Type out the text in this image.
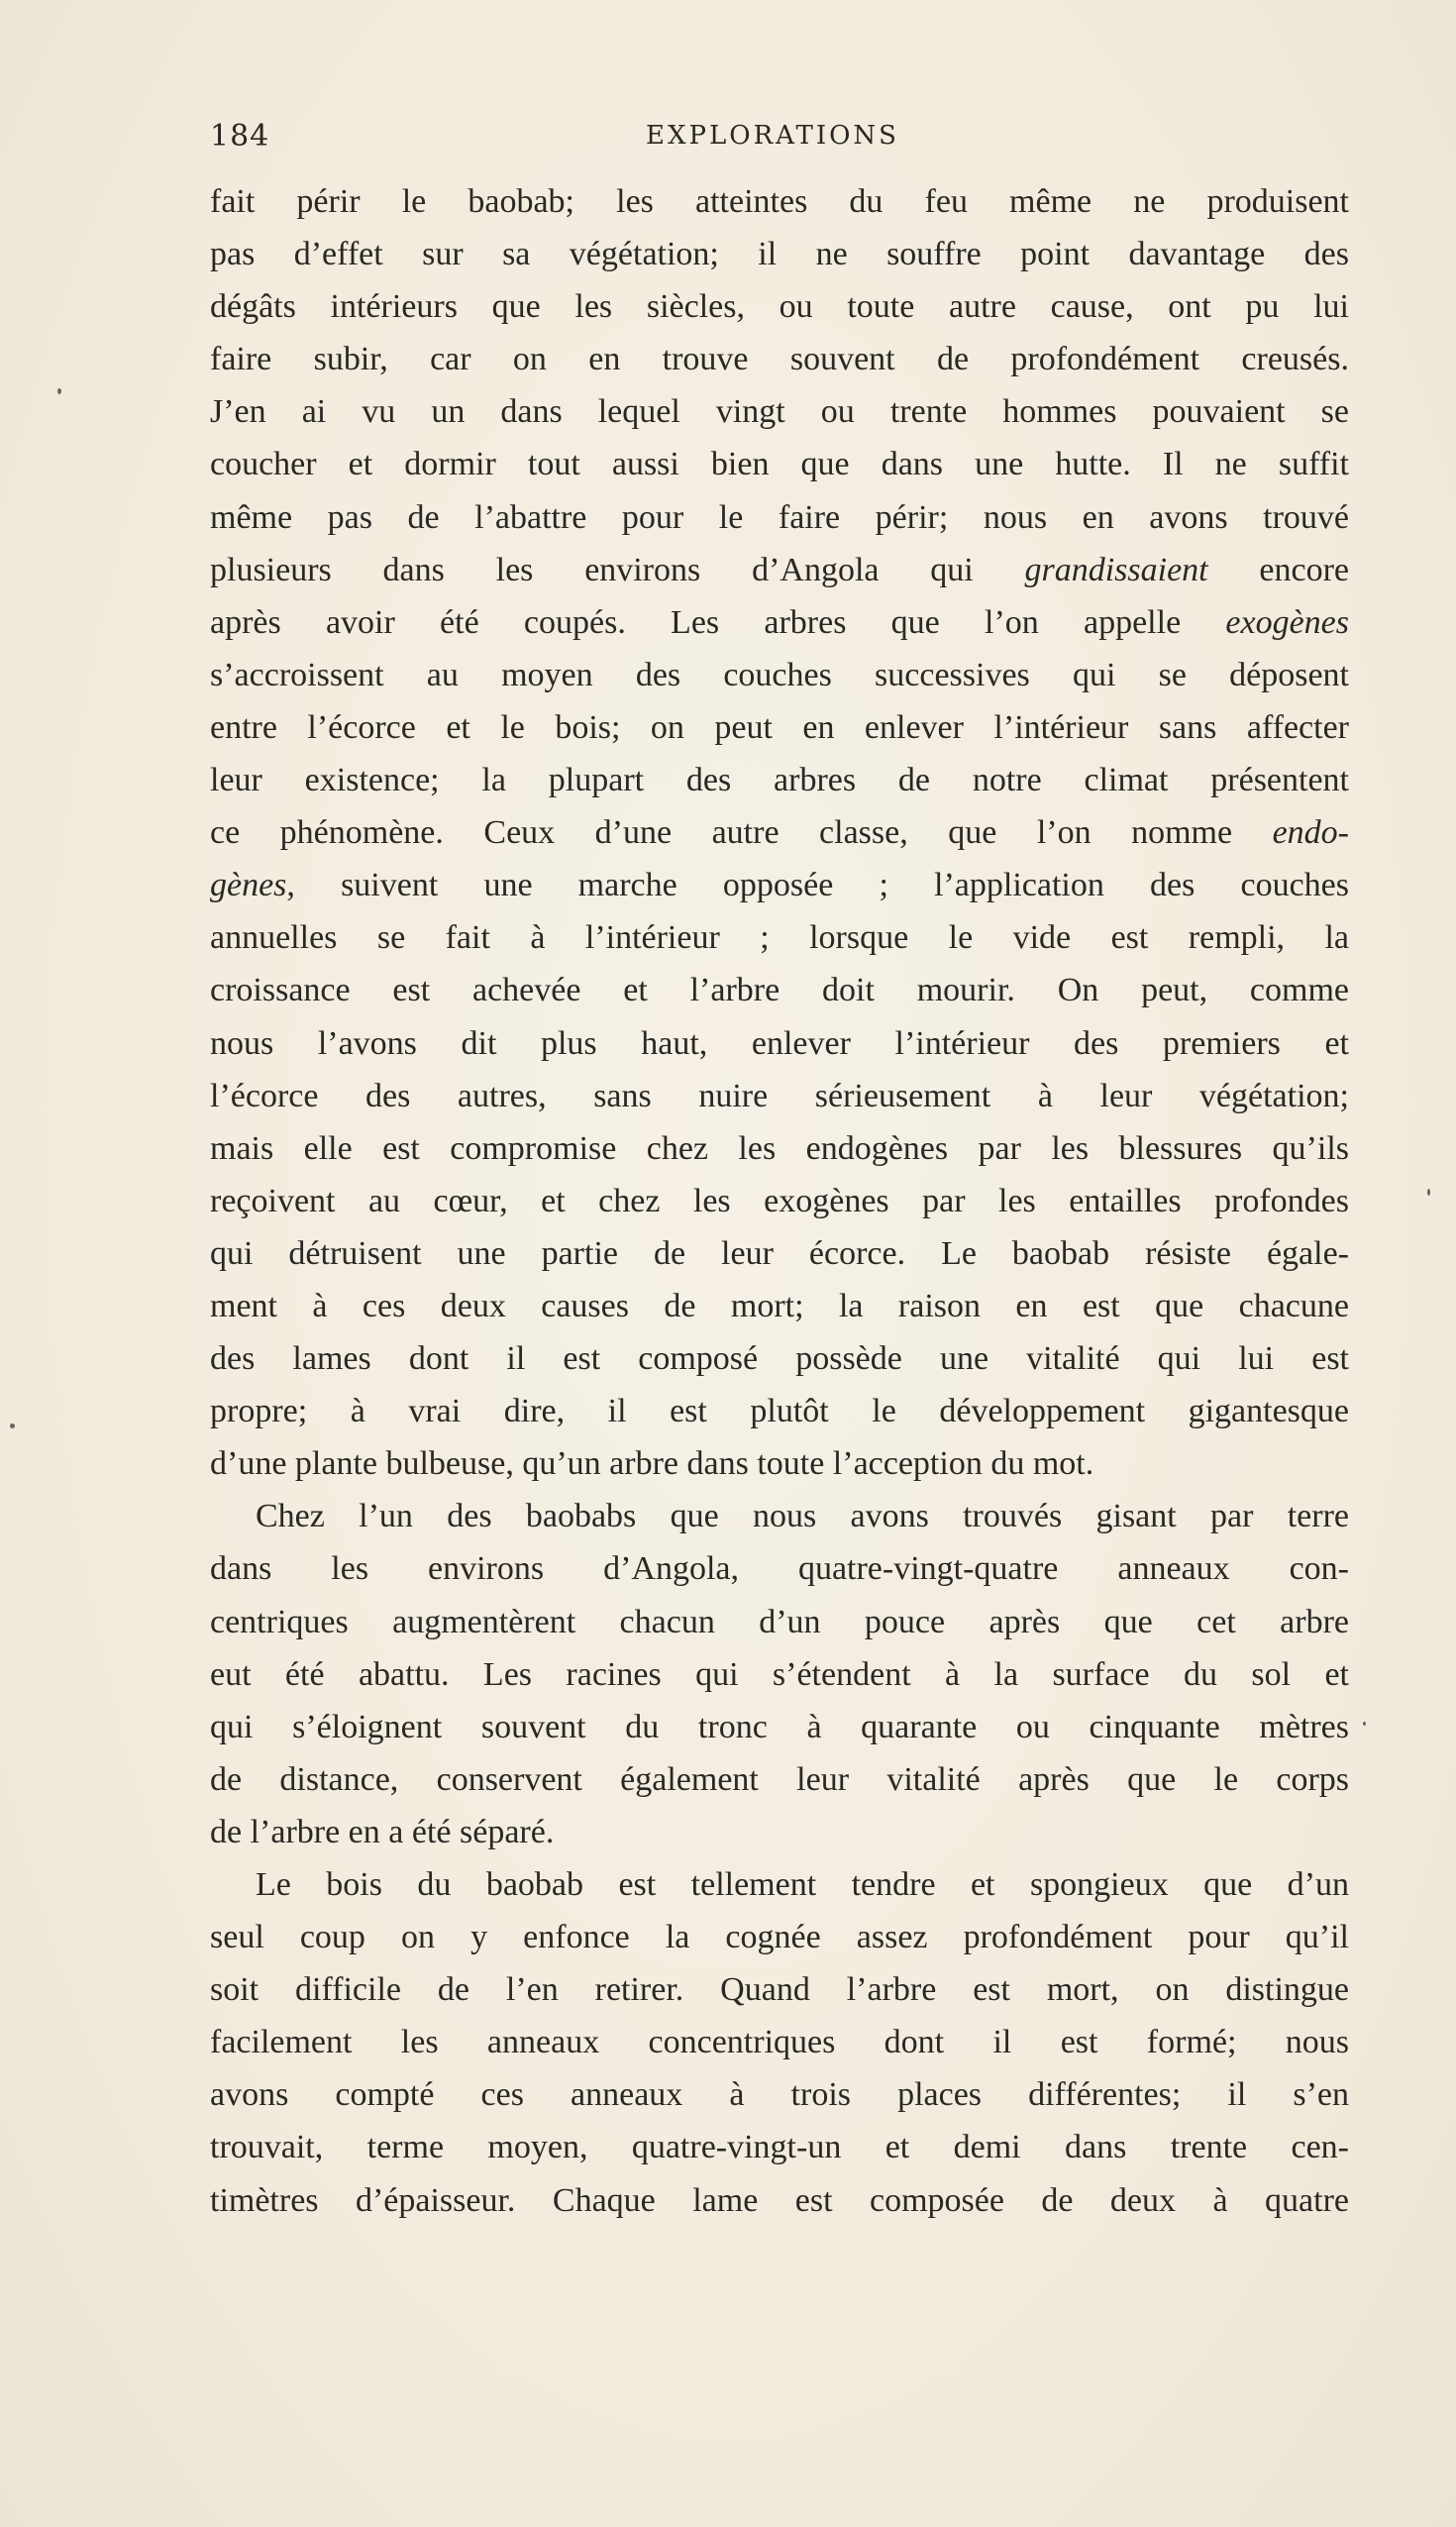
184	EXPLORATIONS
fait périr le baobab; les atteintes du feu même ne produisent
pas d’effet sur sa végétation; il ne souffre point davantage des
dégâts intérieurs que les siècles, ou toute autre cause, ont pu lui
faire subir, car on en trouve souvent de profondément creusés.
J’en ai vu un dans lequel vingt ou trente hommes pouvaient se
coucher et dormir tout aussi bien que dans une hutte. Il ne suffit
même pas de l’abattre pour le faire périr; nous en avons trouvé
plusieurs dans les environs d’Angola qui grandissaient encore
après avoir été coupés. Les arbres que l’on appelle exogènes
s’accroissent au moyen des couches successives qui se déposent
entre l’écorce et le bois; on peut en enlever l’intérieur sans affecter
leur existence; la plupart des arbres de notre climat présentent
ce phénomène. Ceux d’une autre classe, que l’on nomme endo-
gènes, suivent une marche opposée ; l’application des couches
annuelles se fait à l’intérieur ; lorsque le vide est rempli, la
croissance est achevée et l’arbre doit mourir. On peut, comme
nous l’avons dit plus haut, enlever l’intérieur des premiers et
l’écorce des autres, sans nuire sérieusement à leur végétation;
mais elle est compromise chez les endogènes par les blessures qu’ils
reçoivent au cœur, et chez les exogènes par les entailles profondes
qui détruisent une partie de leur écorce. Le baobab résiste égale-
ment à ces deux causes de mort; la raison en est que chacune
des lames dont il est composé possède une vitalité qui lui est
propre; à vrai dire, il est plutôt le développement gigantesque
d’une plante bulbeuse, qu’un arbre dans toute l’acception du mot.
Chez l’un des baobabs que nous avons trouvés gisant par terre
dans les environs d’Angola, quatre-vingt-quatre anneaux con-
centriques augmentèrent chacun d’un pouce après que cet arbre
eut été abattu. Les racines qui s’étendent à la surface du sol et
qui s’éloignent souvent du tronc à quarante ou cinquante mètres
de distance, conservent également leur vitalité après que le corps
de l’arbre en a été séparé.
Le bois du baobab est tellement tendre et spongieux que d’un
seul coup on y enfonce la cognée assez profondément pour qu’il
soit difficile de l’en retirer. Quand l’arbre est mort, on distingue
facilement les anneaux concentriques dont il est formé; nous
avons compté ces anneaux à trois places différentes; il s’en
trouvait, terme moyen, quatre-vingt-un et demi dans trente cen-
timètres d’épaisseur. Chaque lame est composée de deux à quatre
